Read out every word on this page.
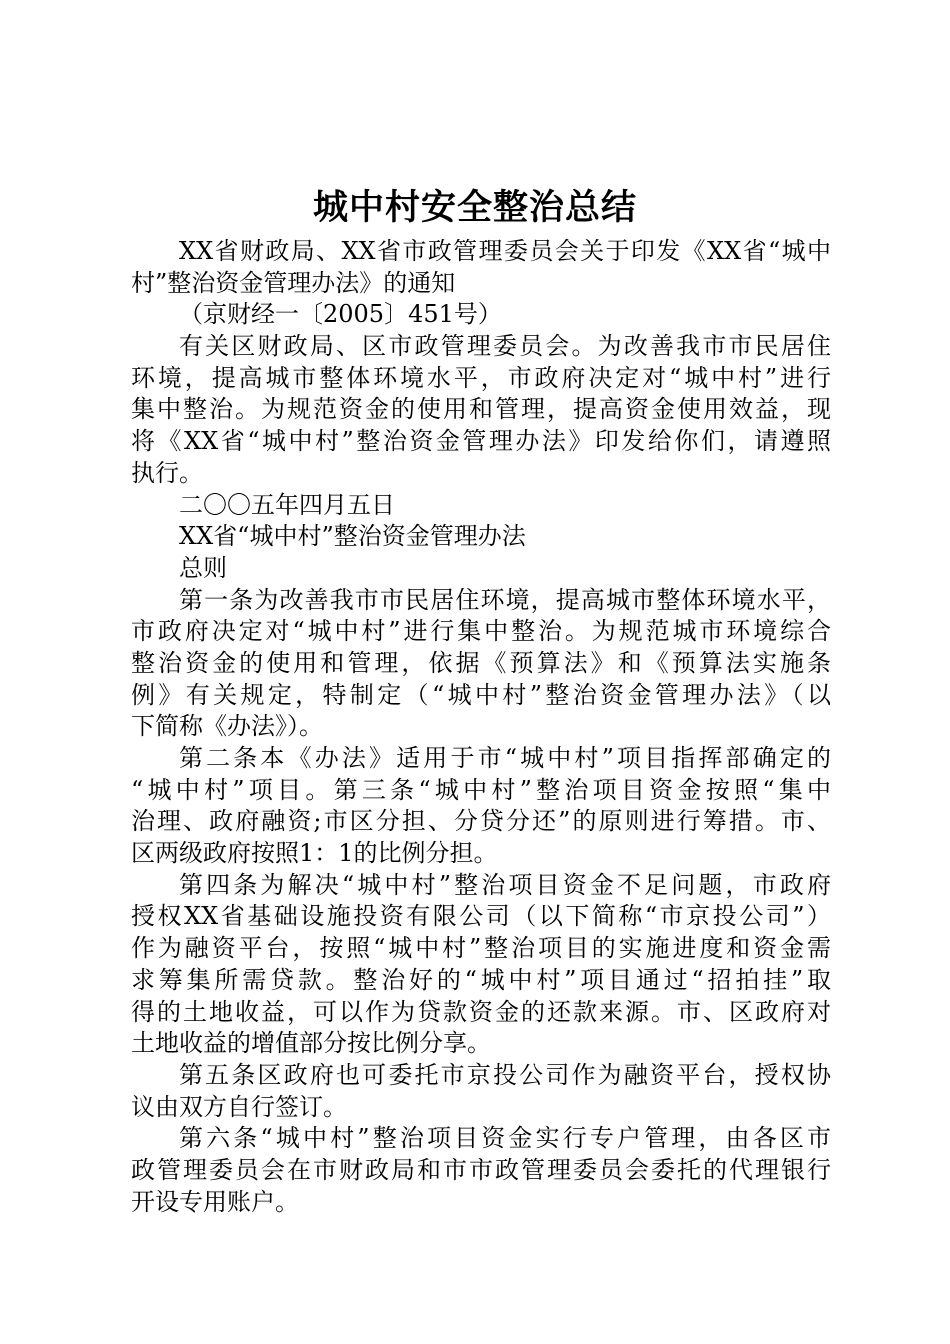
城中村安全整治总结
XX省财政局、XX省市政管理委员会关于印发《XX省“城中
村”整治资金管理办法》的通知
（京财经一〔2005〕451号）
有关区财政局、区市政管理委员会。为改善我市市民居住
环境，提高城市整体环境水平，市政府决定对“城中村”进行
集中整治。为规范资金的使用和管理，提高资金使用效益，现
将《XX省“城中村”整治资金管理办法》印发给你们，请遵照
执行。
二〇〇五年四月五日
XX省“城中村”整治资金管理办法
总则
第一条为改善我市市民居住环境，提高城市整体环境水平，
市政府决定对“城中村”进行集中整治。为规范城市环境综合
整治资金的使用和管理，依据《预算法》和《预算法实施条
例》有关规定，特制定（“城中村”整治资金管理办法》（以
下简称《办法》）。
第二条本《办法》适用于市“城中村”项目指挥部确定的
“城中村”项目。第三条“城中村”整治项目资金按照“集中
治理、政府融资;市区分担、分贷分还”的原则进行筹措。市、
区两级政府按照1：1的比例分担。
第四条为解决“城中村”整治项目资金不足问题，市政府
授权XX省基础设施投资有限公司（以下简称“市京投公司”）
作为融资平台，按照“城中村”整治项目的实施进度和资金需
求筹集所需贷款。整治好的“城中村”项目通过“招拍挂”取
得的土地收益，可以作为贷款资金的还款来源。市、区政府对
土地收益的增值部分按比例分享。
第五条区政府也可委托市京投公司作为融资平台，授权协
议由双方自行签订。
第六条“城中村”整治项目资金实行专户管理，由各区市
政管理委员会在市财政局和市市政管理委员会委托的代理银行
开设专用账户。
